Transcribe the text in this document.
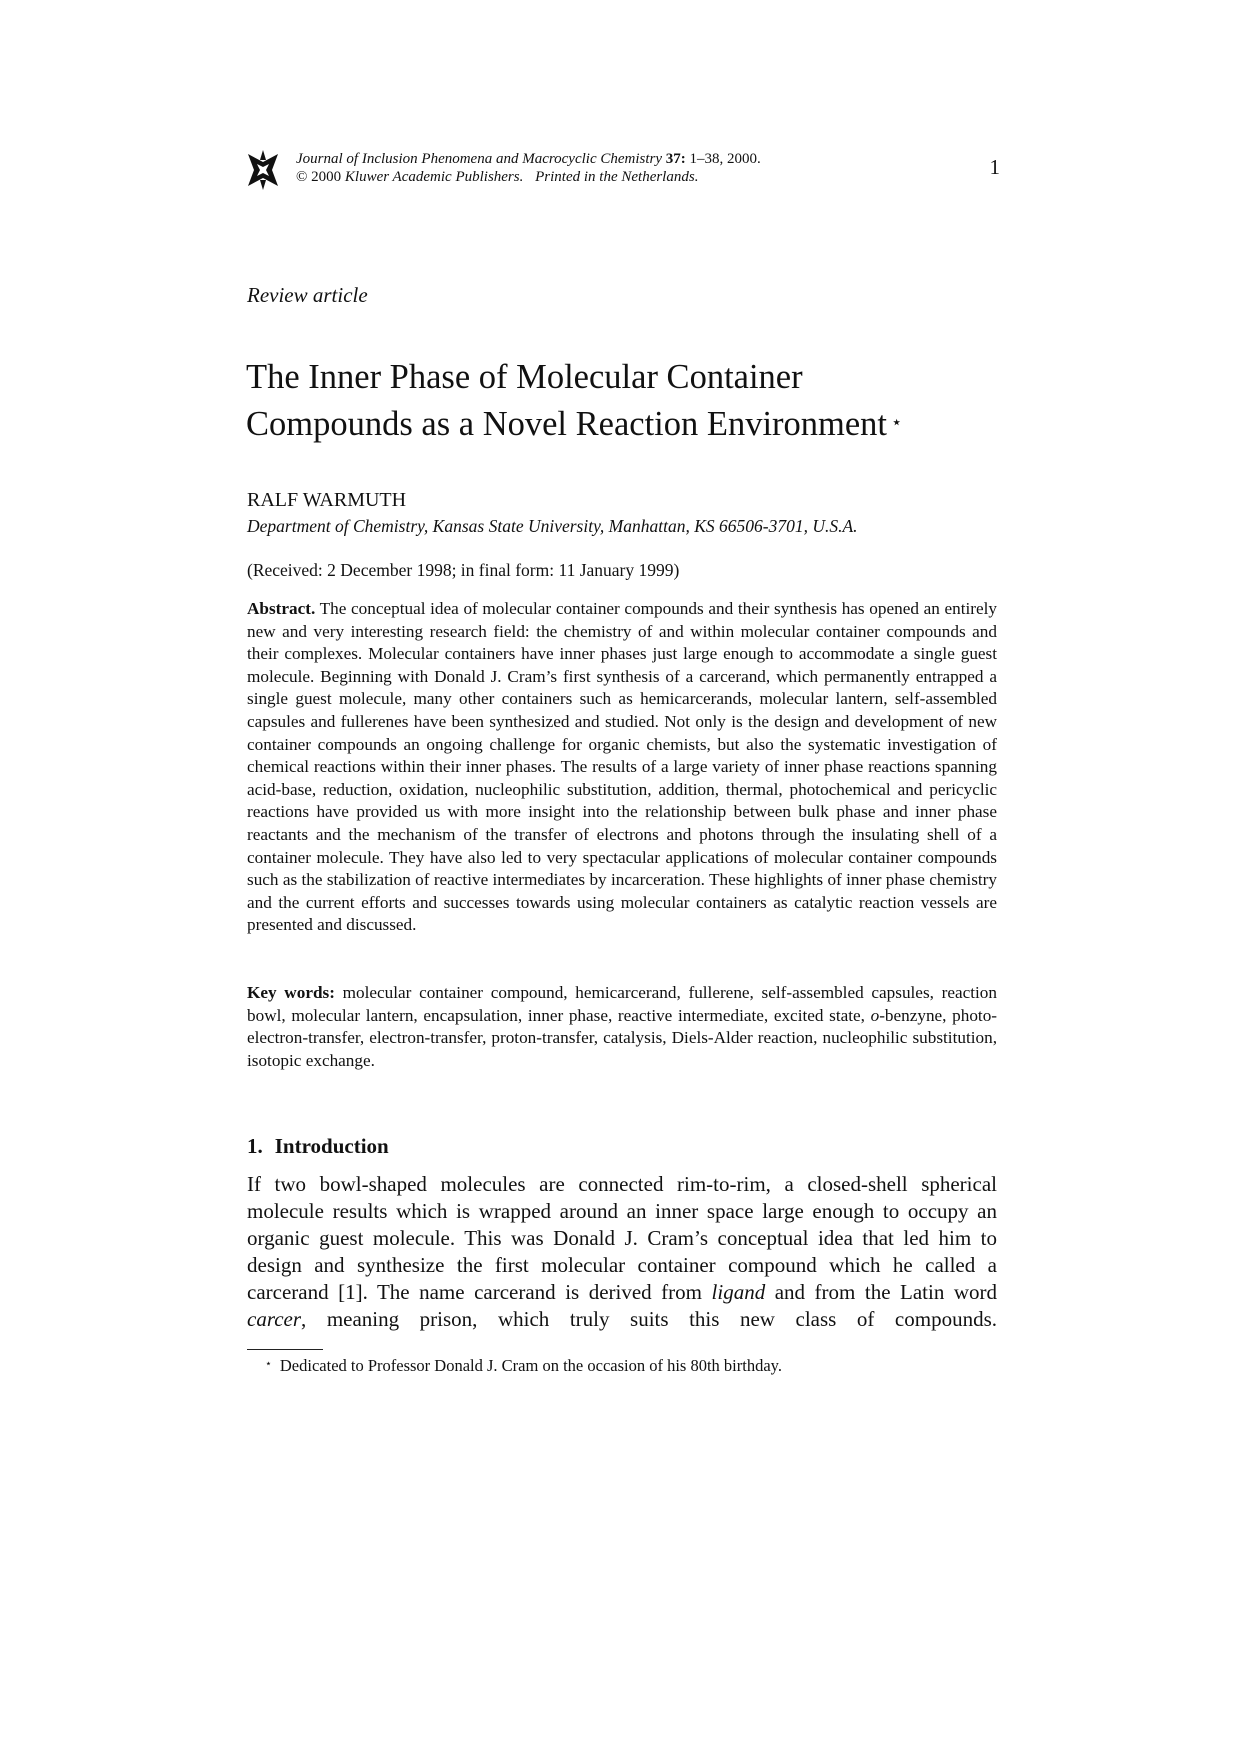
Journal of Inclusion Phenomena and Macrocyclic Chemistry 37: 1–38, 2000.
© 2000 Kluwer Academic Publishers. Printed in the Netherlands.	1
Review article
The Inner Phase of Molecular Container
Compounds as a Novel Reaction Environment ⋆
RALF WARMUTH
Department of Chemistry, Kansas State University, Manhattan, KS 66506-3701, U.S.A.
(Received: 2 December 1998; in final form: 11 January 1999)
Abstract. The conceptual idea of molecular container compounds and their synthesis has opened an entirely new and very interesting research field: the chemistry of and within molecular container compounds and their complexes. Molecular containers have inner phases just large enough to accommodate a single guest molecule. Beginning with Donald J. Cram’s first synthesis of a carcerand, which permanently entrapped a single guest molecule, many other containers such as hemicarcerands, molecular lantern, self-assembled capsules and fullerenes have been synthesized and studied. Not only is the design and development of new container compounds an ongoing challenge for organic chemists, but also the systematic investigation of chemical reactions within their inner phases. The results of a large variety of inner phase reactions spanning acid-base, reduction, oxidation, nucleophilic substitution, addition, thermal, photochemical and pericyclic reactions have provided us with more insight into the relationship between bulk phase and inner phase reactants and the mechanism of the transfer of electrons and photons through the insulating shell of a container molecule. They have also led to very spectacular applications of molecular container compounds such as the stabilization of reactive intermediates by incarceration. These highlights of inner phase chemistry and the current efforts and successes towards using molecular containers as catalytic reaction vessels are presented and discussed.
Key words: molecular container compound, hemicarcerand, fullerene, self-assembled capsules, reaction bowl, molecular lantern, encapsulation, inner phase, reactive intermediate, excited state, o-benzyne, photo-electron-transfer, electron-transfer, proton-transfer, catalysis, Diels-Alder reaction, nucleophilic substitution, isotopic exchange.
1. Introduction
If two bowl-shaped molecules are connected rim-to-rim, a closed-shell spherical molecule results which is wrapped around an inner space large enough to occupy an organic guest molecule. This was Donald J. Cram’s conceptual idea that led him to design and synthesize the first molecular container compound which he called a carcerand [1]. The name carcerand is derived from ligand and from the Latin word carcer, meaning prison, which truly suits this new class of compounds.
⋆ Dedicated to Professor Donald J. Cram on the occasion of his 80th birthday.
